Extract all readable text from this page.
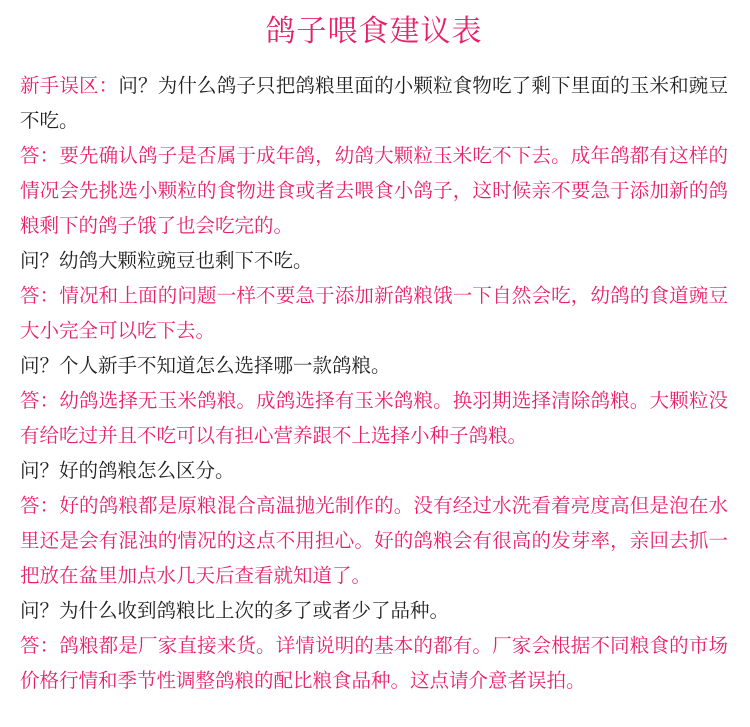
鸽子喂食建议表

新手误区：问？为什么鸽子只把鸽粮里面的小颗粒食物吃了剩下里面的玉米和豌豆不吃。

答：要先确认鸽子是否属于成年鸽，幼鸽大颗粒玉米吃不下去。成年鸽都有这样的情况会先挑选小颗粒的食物进食或者去喂食小鸽子，这时候亲不要急于添加新的鸽粮剩下的鸽子饿了也会吃完的。

问？幼鸽大颗粒豌豆也剩下不吃。

答：情况和上面的问题一样不要急于添加新鸽粮饿一下自然会吃，幼鸽的食道豌豆大小完全可以吃下去。

问？个人新手不知道怎么选择哪一款鸽粮。

答：幼鸽选择无玉米鸽粮。成鸽选择有玉米鸽粮。换羽期选择清除鸽粮。大颗粒没有给吃过并且不吃可以有担心营养跟不上选择小种子鸽粮。

问？好的鸽粮怎么区分。

答：好的鸽粮都是原粮混合高温抛光制作的。没有经过水洗看着亮度高但是泡在水里还是会有混浊的情况的这点不用担心。好的鸽粮会有很高的发芽率，亲回去抓一把放在盆里加点水几天后查看就知道了。

问？为什么收到鸽粮比上次的多了或者少了品种。

答：鸽粮都是厂家直接来货。详情说明的基本的都有。厂家会根据不同粮食的市场价格行情和季节性调整鸽粮的配比粮食品种。这点请介意者误拍。
